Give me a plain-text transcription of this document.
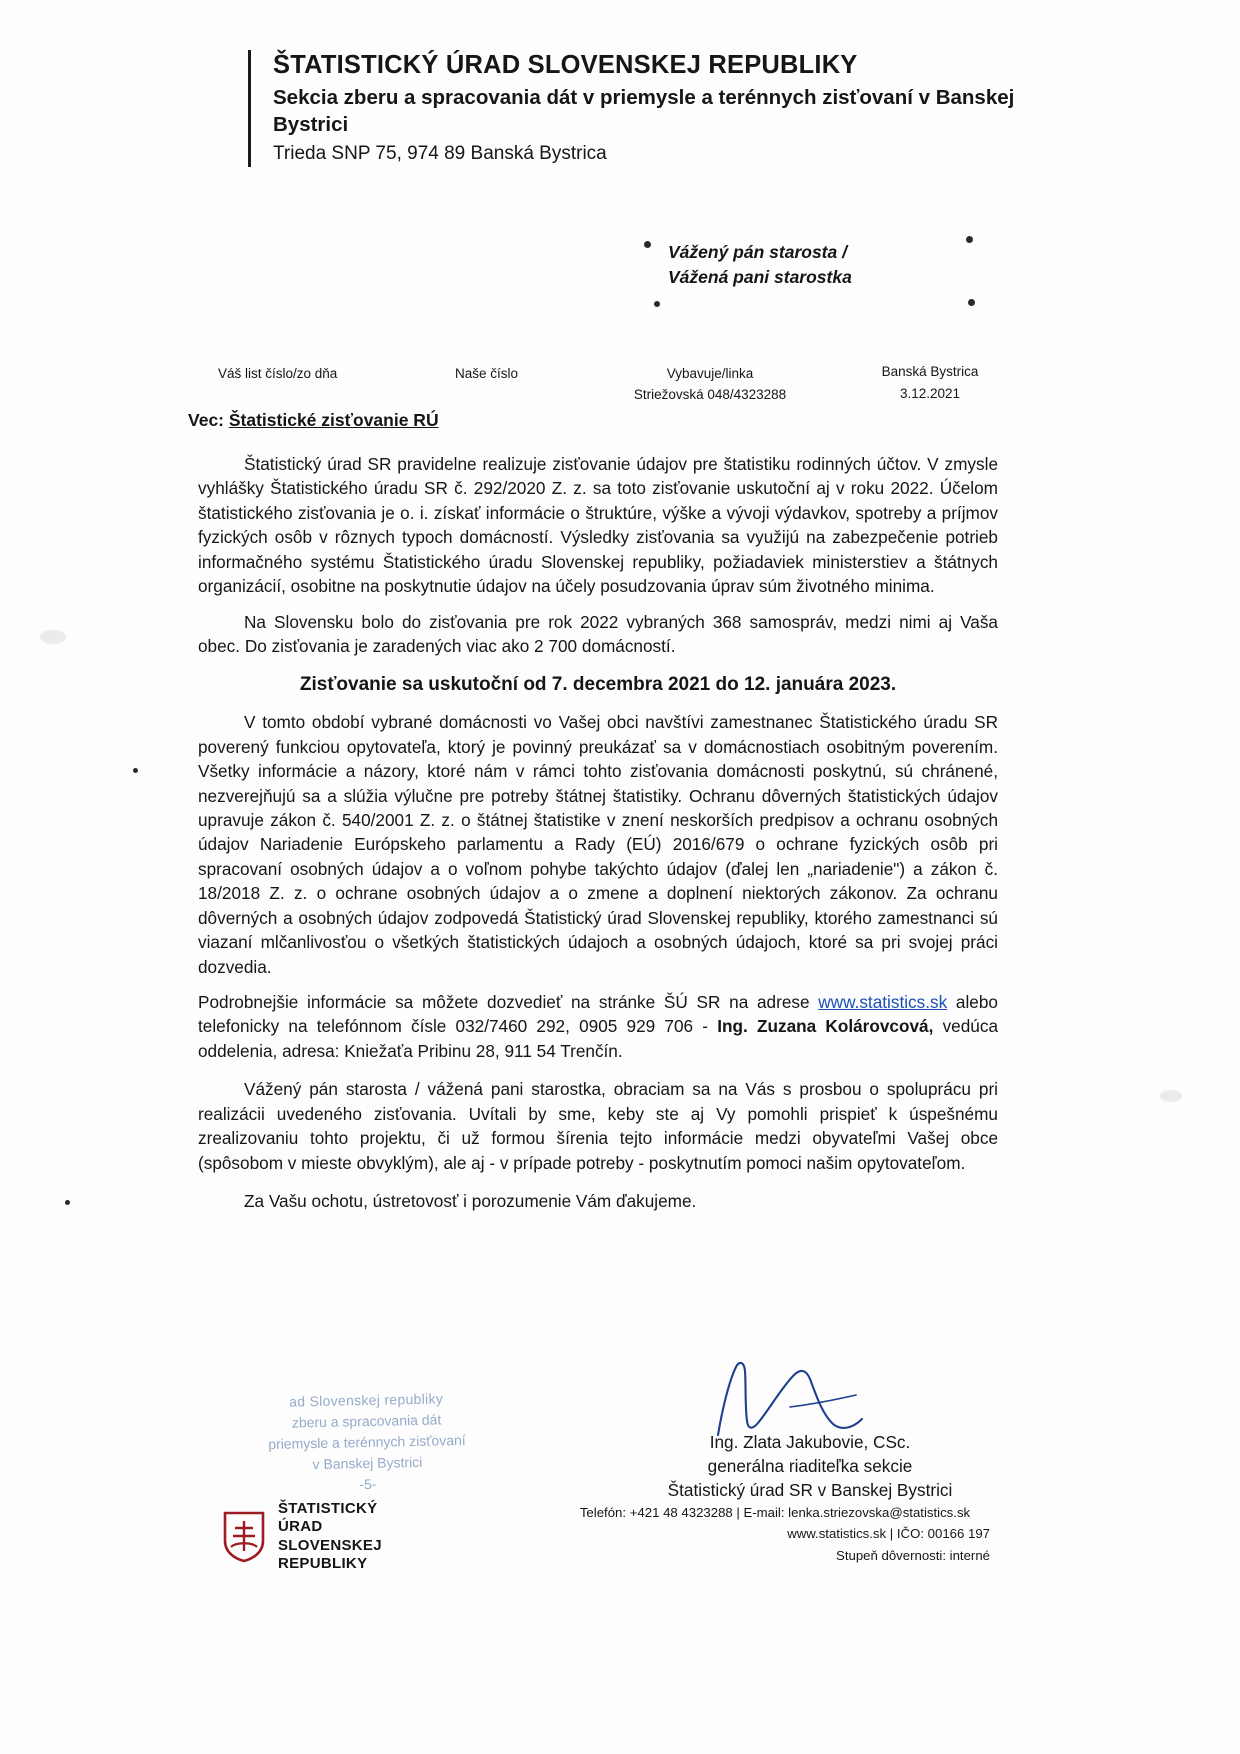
ŠTATISTICKÝ ÚRAD SLOVENSKEJ REPUBLIKY
Sekcia zberu a spracovania dát v priemysle a terénnych zisťovaní v Banskej Bystrici
Trieda SNP 75, 974 89 Banská Bystrica
Vážený pán starosta /
Vážená pani starostka
Váš list číslo/zo dňa	Naše číslo	Vybavuje/linka
Striežovská 048/4323288
Banská Bystrica
3.12.2021
Vec: Štatistické zisťovanie RÚ

Štatistický úrad SR pravidelne realizuje zisťovanie údajov pre štatistiku rodinných účtov. V zmysle vyhlášky Štatistického úradu SR č. 292/2020 Z. z. sa toto zisťovanie uskutoční aj v roku 2022. Účelom štatistického zisťovania je o. i. získať informácie o štruktúre, výške a vývoji výdavkov, spotreby a príjmov fyzických osôb v rôznych typoch domácností. Výsledky zisťovania sa využijú na zabezpečenie potrieb informačného systému Štatistického úradu Slovenskej republiky, požiadaviek ministerstiev a štátnych organizácií, osobitne na poskytnutie údajov na účely posudzovania úprav súm životného minima.

Na Slovensku bolo do zisťovania pre rok 2022 vybraných 368 samospráv, medzi nimi aj Vaša obec. Do zisťovania je zaradených viac ako 2 700 domácností.

Zisťovanie sa uskutoční od 7. decembra 2021 do 12. januára 2023.

V tomto období vybrané domácnosti vo Vašej obci navštívi zamestnanec Štatistického úradu SR poverený funkciou opytovateľa, ktorý je povinný preukázať sa v domácnostiach osobitným poverením. Všetky informácie a názory, ktoré nám v rámci tohto zisťovania domácnosti poskytnú, sú chránené, nezverejňujú sa a slúžia výlučne pre potreby štátnej štatistiky. Ochranu dôverných štatistických údajov upravuje zákon č. 540/2001 Z. z. o štátnej štatistike v znení neskorších predpisov a ochranu osobných údajov Nariadenie Európskeho parlamentu a Rady (EÚ) 2016/679 o ochrane fyzických osôb pri spracovaní osobných údajov a o voľnom pohybe takýchto údajov (ďalej len „nariadenie") a zákon č. 18/2018 Z. z. o ochrane osobných údajov a o zmene a doplnení niektorých zákonov. Za ochranu dôverných a osobných údajov zodpovedá Štatistický úrad Slovenskej republiky, ktorého zamestnanci sú viazaní mlčanlivosťou o všetkých štatistických údajoch a osobných údajoch, ktoré sa pri svojej práci dozvedia.

Podrobnejšie informácie sa môžete dozvedieť na stránke ŠÚ SR na adrese www.statistics.sk alebo telefonicky na telefónnom čísle 032/7460 292, 0905 929 706 - Ing. Zuzana Kolárovcová, vedúca oddelenia, adresa: Kniežaťa Pribinu 28, 911 54 Trenčín.

Vážený pán starosta / vážená pani starostka, obraciam sa na Vás s prosbou o spoluprácu pri realizácii uvedeného zisťovania. Uvítali by sme, keby ste aj Vy pomohli prispieť k úspešnému zrealizovaniu tohto projektu, či už formou šírenia tejto informácie medzi obyvateľmi Vašej obce (spôsobom v mieste obvyklým), ale aj - v prípade potreby - poskytnutím pomoci našim opytovateľom.

Za Vašu ochotu, ústretovosť i porozumenie Vám ďakujeme.

Ing. Zlata Jakubovie, CSc.
generálna riaditeľka sekcie
Štatistický úrad SR v Banskej Bystrici
ad Slovenskej republiky
zberu a spracovania dát
priemysle a terénnych zisťovaní
v Banskej Bystrici
-5-
ŠTATISTICKÝ
ÚRAD
SLOVENSKEJ
REPUBLIKY
Telefón: +421 48 4323288 | E-mail: lenka.striezovska@statistics.sk
www.statistics.sk | IČO: 00166 197
Stupeň dôvernosti: interné
